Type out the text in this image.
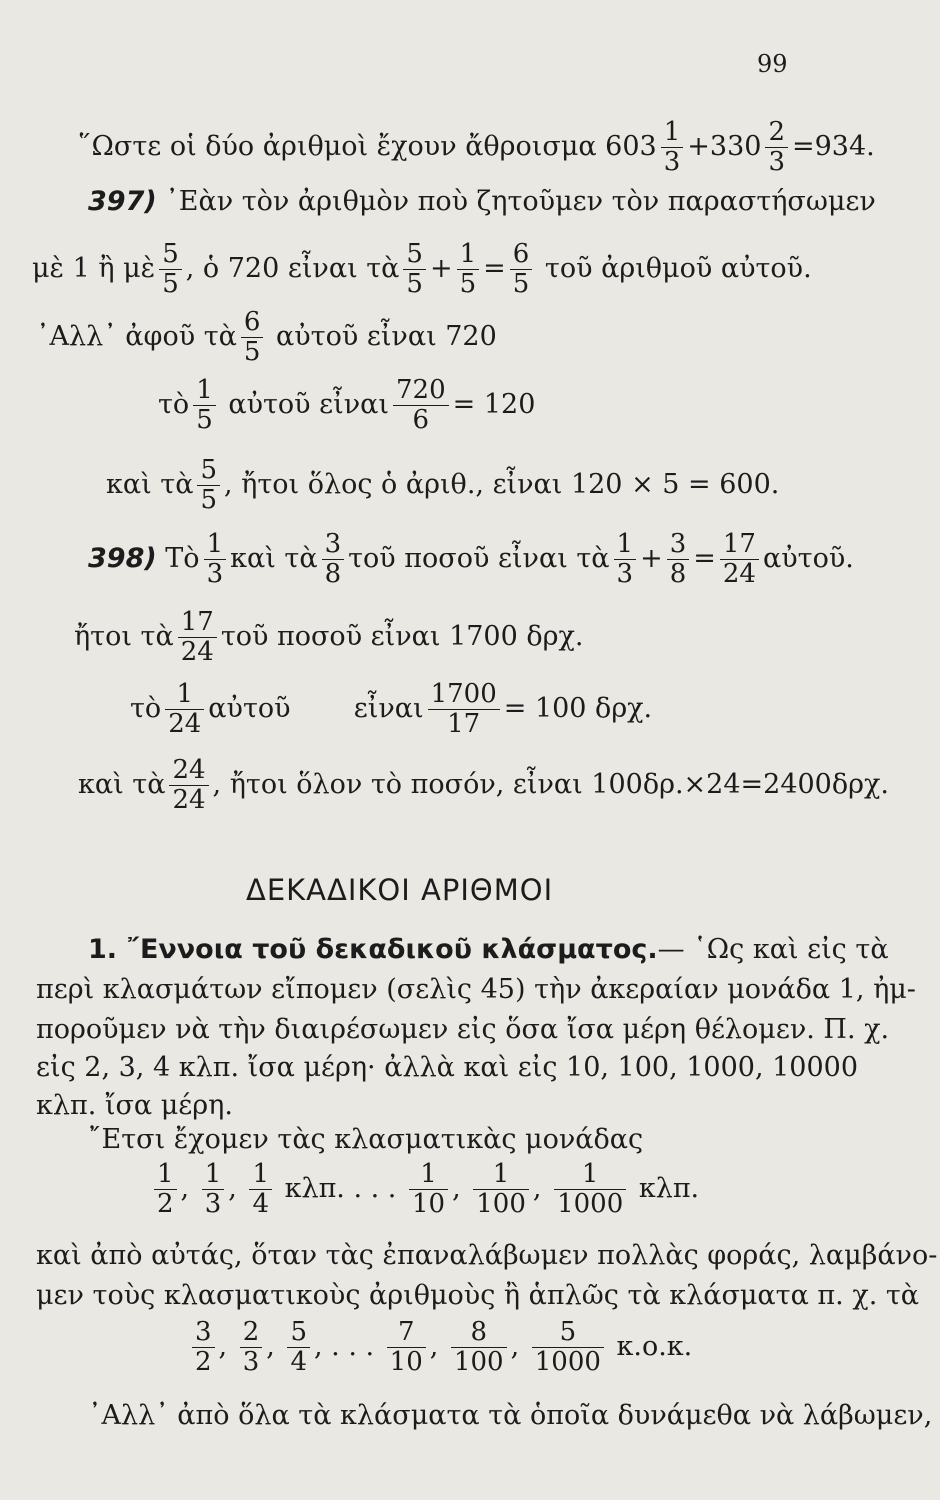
99
῞Ωστε οἱ δύο ἀριθμοὶ ἔχουν ἄθροισμα $603 \frac{1}{3} +330 \frac{2}{3} =934$.
397) ᾿Εὰν τὸν ἀριθμὸν ποὺ ζητοῦμεν τὸν παραστήσωμεν
μὲ 1 ἢ μὲ $\frac{5}{5}$ , ὁ 720 εἶναι τὰ $\frac{5}{5} + \frac{1}{5} = \frac{6}{5}$ τοῦ ἀριθμοῦ αὐτοῦ.
᾿Αλλ᾿ ἀφοῦ τὰ $\frac{6}{5}$ αὐτοῦ εἶναι 720
τὸ $\frac{1}{5}$ αὐτοῦ εἶναι $\frac{720}{6} = 120$
καὶ τὰ $\frac{5}{5}$ , ἤτοι ὅλος ὁ ἀριθ., εἶναι 120 × 5 = 600.
398) Τὸ $\frac{1}{3}$ καὶ τὰ $\frac{3}{8}$ τοῦ ποσοῦ εἶναι τὰ $\frac{1}{3} + \frac{3}{8} = \frac{17}{24}$ αὐτοῦ.
ἤτοι τὰ $\frac{17}{24}$ τοῦ ποσοῦ εἶναι 1700 δρχ.
τὸ $\frac{1}{24}$ αὐτοῦ εἶναι $\frac{1700}{17} = 100$ δρχ.
καὶ τὰ $\frac{24}{24}$ , ἤτοι ὅλον τὸ ποσόν, εἶναι 100δρ.×24=2400δρχ.
ΔΕΚΑΔΙΚΟΙ ΑΡΙΘΜΟΙ
1. ῎Εννοια τοῦ δεκαδικοῦ κλάσματος.— ῾Ως καὶ εἰς τὰ
περὶ κλασμάτων εἴπομεν (σελὶς 45) τὴν ἀκεραίαν μονάδα 1, ἠμ-
ποροῦμεν νὰ τὴν διαιρέσωμεν εἰς ὅσα ἴσα μέρη θέλομεν. Π. χ.
εἰς 2, 3, 4 κλπ. ἴσα μέρη· ἀλλὰ καὶ εἰς 10, 100, 1000, 10000
κλπ. ἴσα μέρη.
῎Ετσι ἔχομεν τὰς κλασματικὰς μονάδας
$\frac{1}{2}$ , $\frac{1}{3}$ , $\frac{1}{4} \kappa\lambda\pi$. . . . $\frac{1}{10}$ , $\frac{1}{100}$ , $\frac{1}{1000} \kappa\lambda\pi$.
καὶ ἀπὸ αὐτάς, ὅταν τὰς ἐπαναλάβωμεν πολλὰς φοράς, λαμβάνο-
μεν τοὺς κλασματικοὺς ἀριθμοὺς ἢ ἁπλῶς τὰ κλάσματα π. χ. τὰ
$\frac{3}{2}$ , $\frac{2}{3}$ , $\frac{5}{4}$ , . . . $\frac{7}{10}$ , $\frac{8}{100}$ , $\frac{5}{1000} \kappa.o.\kappa$.
᾿Αλλ᾿ ἀπὸ ὅλα τὰ κλάσματα τὰ ὁποῖα δυνάμεθα νὰ λάβωμεν,
